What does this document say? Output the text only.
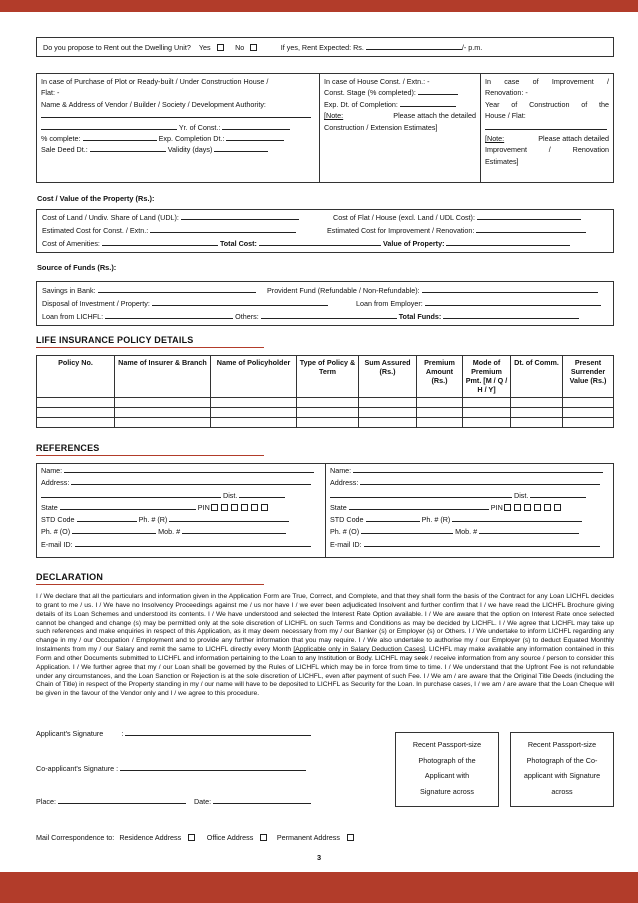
Do you propose to Rent out the Dwelling Unit? Yes	No	If yes, Rent Expected: Rs.	/- p.m.
In case of Purchase of Plot or Ready-built / Under Construction House /
Flat: -
Name & Address of Vendor / Builder / Society / Development Authority:
Yr. of Const.:
% complete:	Exp. Completion Dt.:
Sale Deed Dt.:	Validity (days)
In case of House Const. / Extn.: -
Const. Stage (% completed):
Exp. Dt. of Completion:
[Note:	Please attach the detailed
Construction / Extension Estimates]
In case of Improvement /
Renovation: -
Year of Construction of the
House / Flat:
[Note:	Please attach detailed
Improvement / Renovation
Estimates]
Cost / Value of the Property (Rs.):
Cost of Land / Undiv. Share of Land (UDL):	Cost of Flat / House (excl. Land / UDL Cost):
Estimated Cost for Const. / Extn.:	Estimated Cost for Improvement / Renovation:
Cost of Amenities:	Total Cost:	Value of Property:
Source of Funds (Rs.):
Savings in Bank:	Provident Fund (Refundable / Non-Refundable):
Disposal of Investment / Property:	Loan from Employer:
Loan from LICHFL:	Others:	Total Funds:
LIFE INSURANCE POLICY DETAILS
Policy No.	Name of Insurer & Branch	Name of Policyholder	Type of Policy & Term	Sum Assured (Rs.)	Premium Amount (Rs.)	Mode of Premium Pmt. [M / Q / H / Y]	Dt. of Comm.	Present Surrender Value (Rs.)

REFERENCES
Name:
Address:
Dist.
State	PIN
STD Code	Ph. # (R)
Ph. # (O)	Mob. #
E-mail ID:
Name:
Address:
Dist.
State	PIN
STD Code	Ph. # (R)
Ph. # (O)	Mob. #
E-mail ID:
DECLARATION
I / We declare that all the particulars and information given in the Application Form are True, Correct, and Complete, and that they shall form the basis of the Contract for any Loan LICHFL decides to grant to me / us. I / We have no Insolvency Proceedings against me / us nor have I / we ever been adjudicated Insolvent and further confirm that I / we have read the LICHFL Brochure giving details of its Loan Schemes and understood its contents. I / We have understood and selected the Interest Rate Option available. I / We are aware that the option on Interest Rate once selected cannot be changed and change (s) may be permitted only at the sole discretion of LICHFL on such Terms and Conditions as may be decided by LICHFL. I / We agree that LICHFL may take up such references and make enquiries in respect of this Application, as it may deem necessary from my / our Banker (s) or Employer (s) or Others. I / We undertake to inform LICHFL regarding any change in my / our Occupation / Employment and to provide any further information that you may require. I / We also undertake to authorise my / our Employer (s) to deduct Equated Monthly Instalments from my / our Salary and remit the same to LICHFL directly every Month [Applicable only in Salary Deduction Cases]. LICHFL may make available any information contained in this Form and other Documents submitted to LICHFL and information pertaining to the Loan to any Institution or Body. LICHFL may seek / receive information from any source / person to consider this Application. I / We further agree that my / our Loan shall be governed by the Rules of LICHFL which may be in force from time to time. I / We understand that the Upfront Fee is not refundable under any circumstances, and the Loan Sanction or Rejection is at the sole discretion of LICHFL, even after payment of such Fee. I / We am / are aware that the Original Title Deeds (including the Chain of Title) in respect of the Property standing in my / our name will have to be deposited to LICHFL as Security for the Loan. In purchase cases, I / we am / are aware that the Loan Cheque will be given in the favour of the Vendor only and I / we agree to this procedure.
Applicant's Signature	:
Co-applicant's Signature :
Place:	Date:
Recent Passport-size
Photograph of the
Applicant with
Signature across
Recent Passport-size
Photograph of the Co-
applicant with Signature
across
Mail Correspondence to: Residence Address	Office Address	Permanent Address
3
